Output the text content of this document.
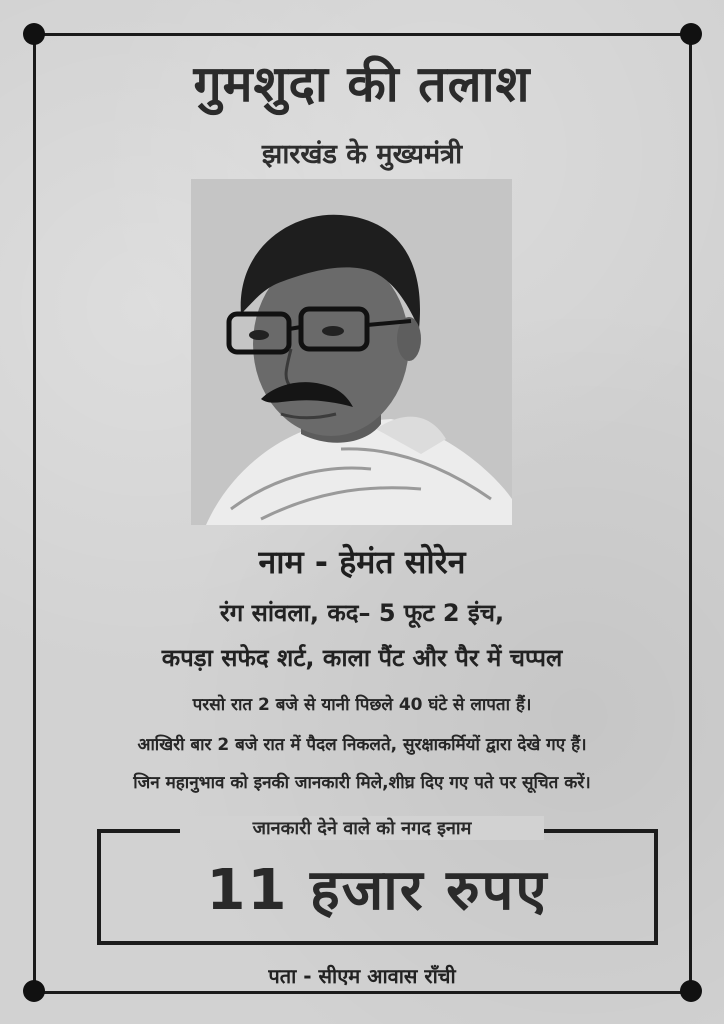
गुमशुदा की तलाश
झारखंड के मुख्यमंत्री
नाम - हेमंत सोरेन
रंग सांवला, कद– 5 फूट 2 इंच,
कपड़ा सफेद शर्ट, काला पैंट और पैर में चप्पल
परसो रात 2 बजे से यानी पिछले 40 घंटे से लापता हैं।
आखिरी बार 2 बजे रात में पैदल निकलते, सुरक्षाकर्मियों द्वारा देखे गए हैं।
जिन महानुभाव को इनकी जानकारी मिले,शीघ्र दिए गए पते पर सूचित करें।
जानकारी देने वाले को नगद इनाम
11 हजार रुपए
पता - सीएम आवास राँची
